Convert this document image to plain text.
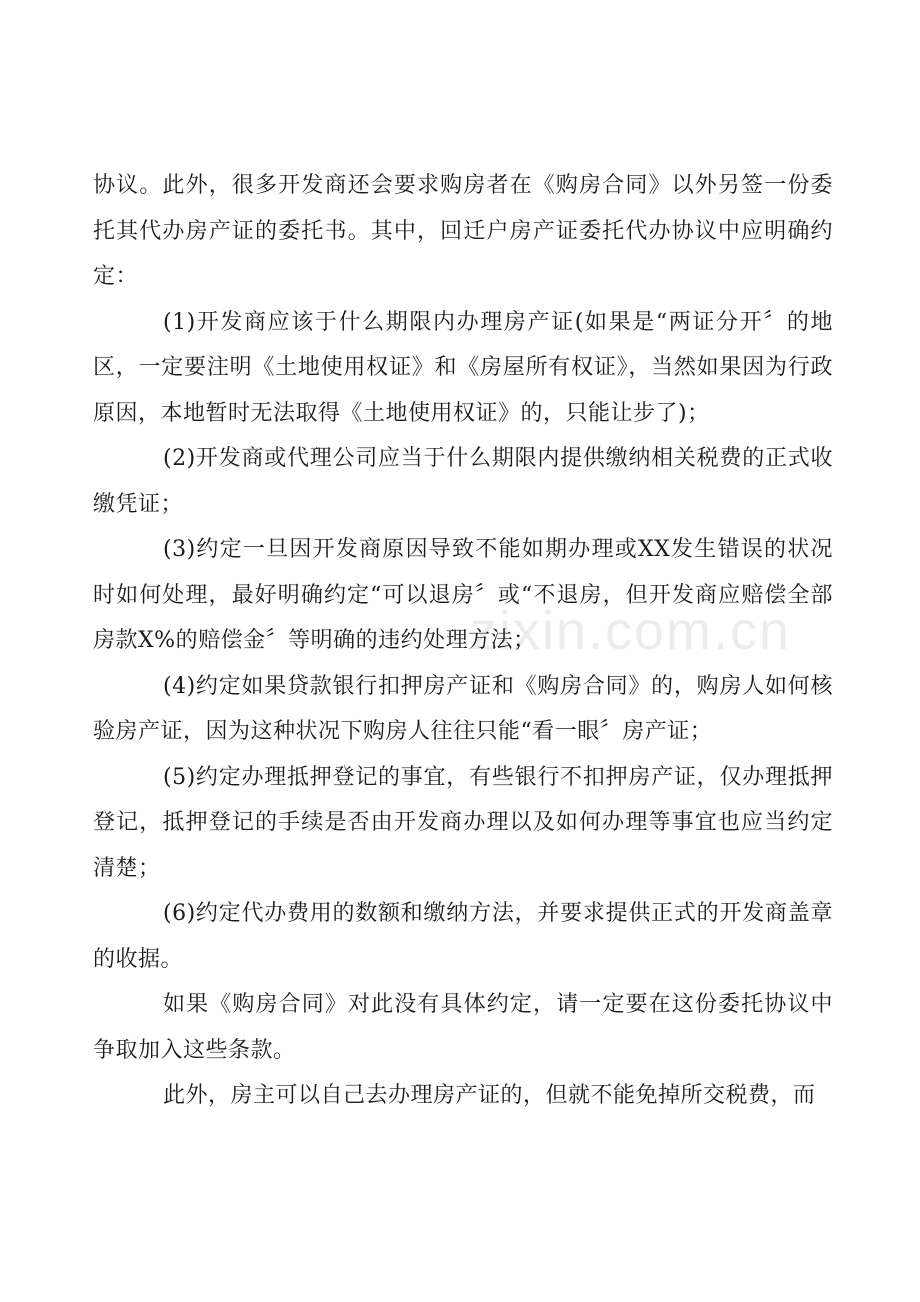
协议。此外，很多开发商还会要求购房者在《购房合同》以外另签一份委托其代办房产证的委托书。其中，回迁户房产证委托代办协议中应明确约定：

(1)开发商应该于什么期限内办理房产证(如果是“两证分开〞的地区，一定要注明《土地使用权证》和《房屋所有权证》，当然如果因为行政原因，本地暂时无法取得《土地使用权证》的，只能让步了)；

(2)开发商或代理公司应当于什么期限内提供缴纳相关税费的正式收缴凭证；

(3)约定一旦因开发商原因导致不能如期办理或XX发生错误的状况时如何处理，最好明确约定“可以退房〞或“不退房，但开发商应赔偿全部房款X%的赔偿金〞等明确的违约处理方法；

(4)约定如果贷款银行扣押房产证和《购房合同》的，购房人如何核验房产证，因为这种状况下购房人往往只能“看一眼〞房产证；

(5)约定办理抵押登记的事宜，有些银行不扣押房产证，仅办理抵押登记，抵押登记的手续是否由开发商办理以及如何办理等事宜也应当约定清楚；

(6)约定代办费用的数额和缴纳方法，并要求提供正式的开发商盖章的收据。

如果《购房合同》对此没有具体约定，请一定要在这份委托协议中争取加入这些条款。

此外，房主可以自己去办理房产证的，但就不能免掉所交税费，而

zixin.com.cn
